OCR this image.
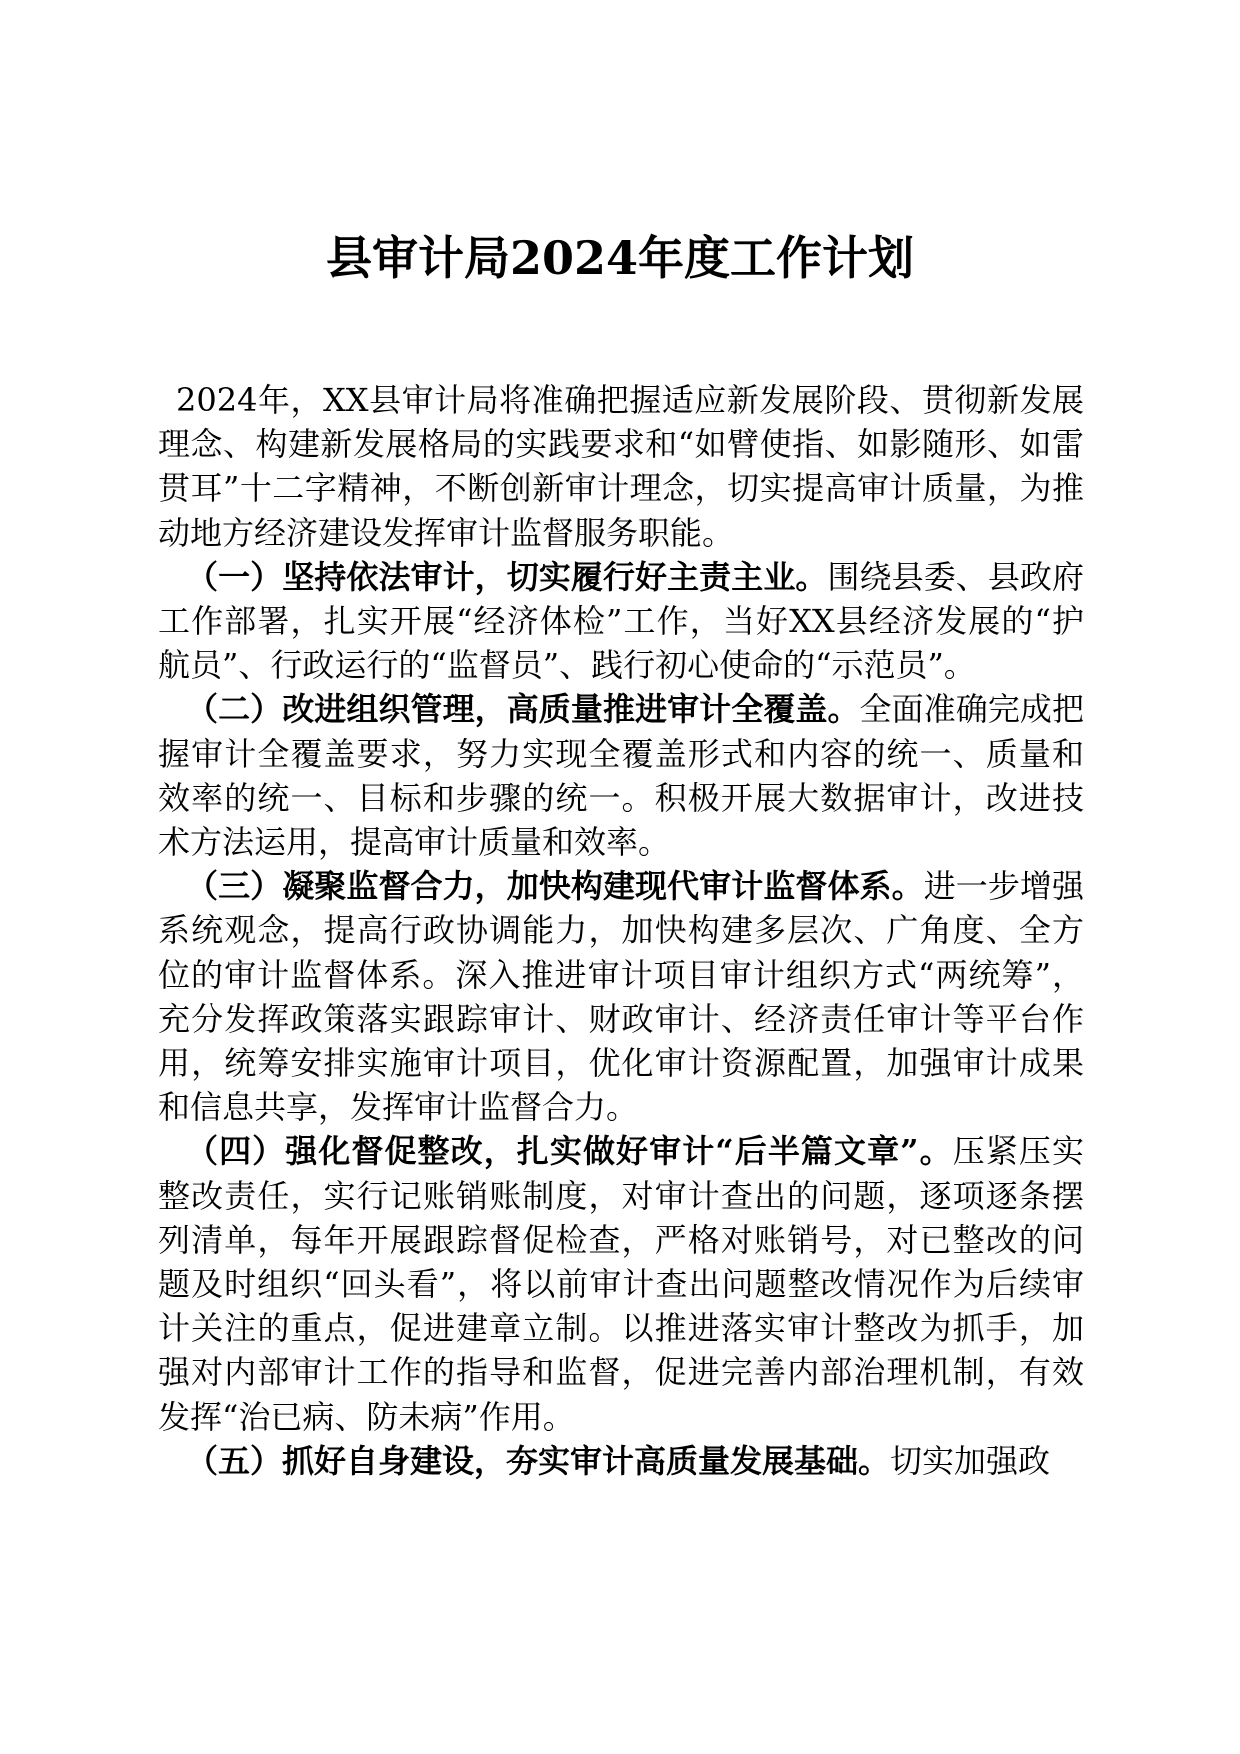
县审计局2024年度工作计划

2024年，XX县审计局将准确把握适应新发展阶段、贯彻新发展理念、构建新发展格局的实践要求和“如臂使指、如影随形、如雷贯耳”十二字精神，不断创新审计理念，切实提高审计质量，为推动地方经济建设发挥审计监督服务职能。

（一）坚持依法审计，切实履行好主责主业。围绕县委、县政府工作部署，扎实开展“经济体检”工作，当好XX县经济发展的“护航员”、行政运行的“监督员”、践行初心使命的“示范员”。

（二）改进组织管理，高质量推进审计全覆盖。全面准确完成把握审计全覆盖要求，努力实现全覆盖形式和内容的统一、质量和效率的统一、目标和步骤的统一。积极开展大数据审计，改进技术方法运用，提高审计质量和效率。

（三）凝聚监督合力，加快构建现代审计监督体系。进一步增强系统观念，提高行政协调能力，加快构建多层次、广角度、全方位的审计监督体系。深入推进审计项目审计组织方式“两统筹”，充分发挥政策落实跟踪审计、财政审计、经济责任审计等平台作用，统筹安排实施审计项目，优化审计资源配置，加强审计成果和信息共享，发挥审计监督合力。

（四）强化督促整改，扎实做好审计“后半篇文章”。压紧压实整改责任，实行记账销账制度，对审计查出的问题，逐项逐条摆列清单，每年开展跟踪督促检查，严格对账销号，对已整改的问题及时组织“回头看”，将以前审计查出问题整改情况作为后续审计关注的重点，促进建章立制。以推进落实审计整改为抓手，加强对内部审计工作的指导和监督，促进完善内部治理机制，有效发挥“治已病、防未病”作用。

（五）抓好自身建设，夯实审计高质量发展基础。切实加强政
